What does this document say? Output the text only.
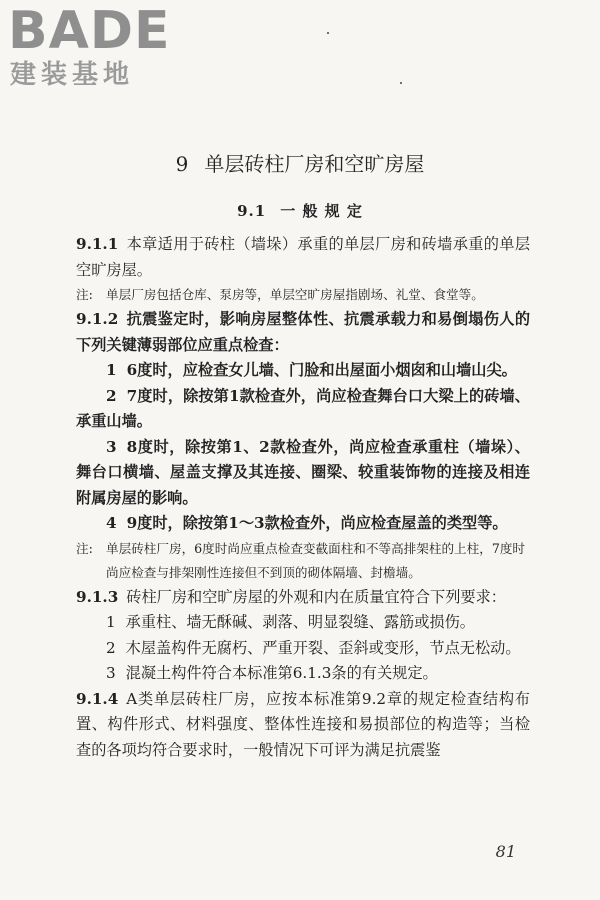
BADE
建装基地
9 单层砖柱厂房和空旷房屋
9.1 一 般 规 定

9.1.1 本章适用于砖柱（墙垛）承重的单层厂房和砖墙承重的单层空旷房屋。

注: 单层厂房包括仓库、泵房等，单层空旷房屋指剧场、礼堂、食堂等。

9.1.2 抗震鉴定时，影响房屋整体性、抗震承载力和易倒塌伤人的下列关键薄弱部位应重点检查：

1 6度时，应检查女儿墙、门脸和出屋面小烟囱和山墙山尖。

2 7度时，除按第1款检查外，尚应检查舞台口大梁上的砖墙、承重山墙。

3 8度时，除按第1、2款检查外，尚应检查承重柱（墙垛）、舞台口横墙、屋盖支撑及其连接、圈梁、较重装饰物的连接及相连附属房屋的影响。

4 9度时，除按第1～3款检查外，尚应检查屋盖的类型等。

注: 单层砖柱厂房，6度时尚应重点检查变截面柱和不等高排架柱的上柱，7度时尚应检查与排架刚性连接但不到顶的砌体隔墙、封檐墙。

9.1.3 砖柱厂房和空旷房屋的外观和内在质量宜符合下列要求：

1 承重柱、墙无酥碱、剥落、明显裂缝、露筋或损伤。

2 木屋盖构件无腐朽、严重开裂、歪斜或变形，节点无松动。

3 混凝土构件符合本标准第6.1.3条的有关规定。

9.1.4 A类单层砖柱厂房，应按本标准第9.2章的规定检查结构布置、构件形式、材料强度、整体性连接和易损部位的构造等；当检查的各项均符合要求时，一般情况下可评为满足抗震鉴

81
